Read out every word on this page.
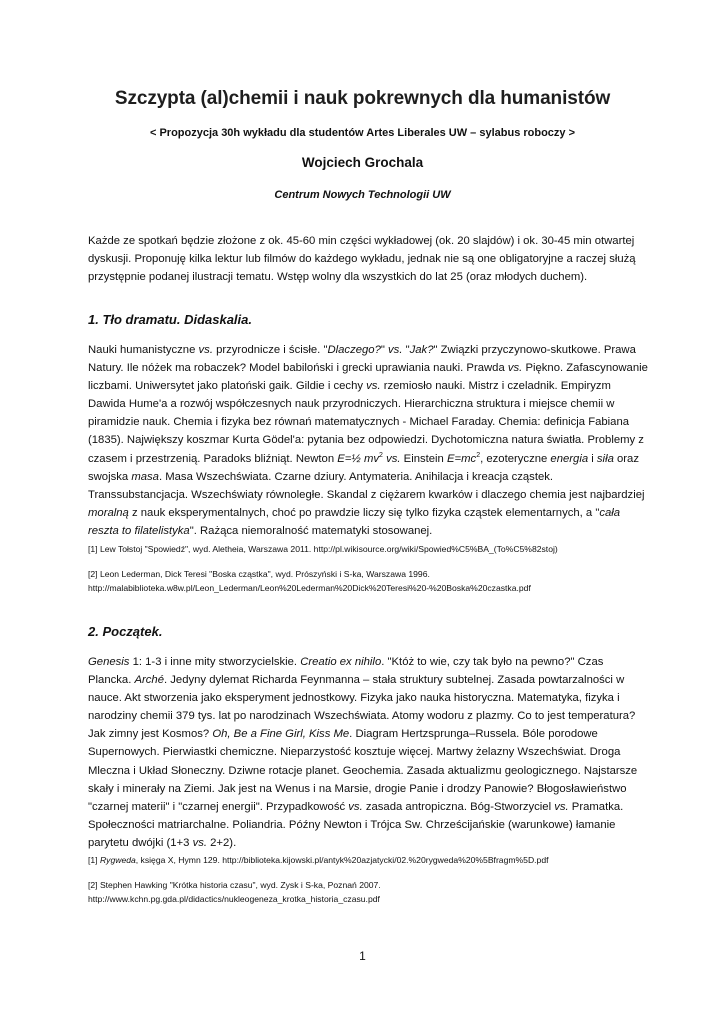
Szczypta (al)chemii i nauk pokrewnych dla humanistów
< Propozycja 30h wykładu dla studentów Artes Liberales UW – sylabus roboczy >
Wojciech Grochala
Centrum Nowych Technologii UW
Każde ze spotkań będzie złożone z ok. 45-60 min części wykładowej (ok. 20 slajdów) i ok. 30-45 min otwartej dyskusji. Proponuję kilka lektur lub filmów do każdego wykładu, jednak nie są one obligatoryjne a raczej służą przystępnie podanej ilustracji tematu. Wstęp wolny dla wszystkich do lat 25 (oraz młodych duchem).
1. Tło dramatu. Didaskalia.
Nauki humanistyczne vs. przyrodnicze i ścisłe. "Dlaczego?" vs. "Jak?" Związki przyczynowo-skutkowe. Prawa Natury. Ile nóżek ma robaczek? Model babiloński i grecki uprawiania nauki. Prawda vs. Piękno. Zafascynowanie liczbami. Uniwersytet jako platoński gaik. Gildie i cechy vs. rzemiosło nauki. Mistrz i czeladnik. Empiryzm Dawida Hume'a a rozwój współczesnych nauk przyrodniczych. Hierarchiczna struktura i miejsce chemii w piramidzie nauk. Chemia i fizyka bez równań matematycznych - Michael Faraday. Chemia: definicja Fabiana (1835). Największy koszmar Kurta Gödel'a: pytania bez odpowiedzi. Dychotomiczna natura światła. Problemy z czasem i przestrzenią. Paradoks bliźniąt. Newton E=½ $mv^2$ vs. Einstein $E=mc^2$, ezoteryczne energia i siła oraz swojska masa. Masa Wszechświata. Czarne dziury. Antymateria. Anihilacja i kreacja cząstek. Transsubstancjacja. Wszechświaty równoległe. Skandal z ciężarem kwarków i dlaczego chemia jest najbardziej moralną z nauk eksperymentalnych, choć po prawdzie liczy się tylko fizyka cząstek elementarnych, a "cała reszta to filatelistyka". Rażąca niemoralność matematyki stosowanej.
[1] Lew Tołstoj "Spowiedź", wyd. Aletheia, Warszawa 2011. http://pl.wikisource.org/wiki/Spowied%C5%BA_(To%C5%82stoj)
[2] Leon Lederman, Dick Teresi "Boska cząstka", wyd. Prószyński i S-ka, Warszawa 1996.
http://malabiblioteka.w8w.pl/Leon_Lederman/Leon%20Lederman%20Dick%20Teresi%20-%20Boska%20czastka.pdf
2. Początek.
Genesis 1: 1-3 i inne mity stworzycielskie. Creatio ex nihilo. "Któż to wie, czy tak było na pewno?" Czas Plancka. Arché. Jedyny dylemat Richarda Feynmanna – stała struktury subtelnej. Zasada powtarzalności w nauce. Akt stworzenia jako eksperyment jednostkowy. Fizyka jako nauka historyczna. Matematyka, fizyka i narodziny chemii 379 tys. lat po narodzinach Wszechświata. Atomy wodoru z plazmy. Co to jest temperatura? Jak zimny jest Kosmos? Oh, Be a Fine Girl, Kiss Me. Diagram Hertzsprunga–Russela. Bóle porodowe Supernowych. Pierwiastki chemiczne. Nieparzystość kosztuje więcej. Martwy żelazny Wszechświat. Droga Mleczna i Układ Słoneczny. Dziwne rotacje planet. Geochemia. Zasada aktualizmu geologicznego. Najstarsze skały i minerały na Ziemi. Jak jest na Wenus i na Marsie, drogie Panie i drodzy Panowie? Błogosławieństwo "czarnej materii" i "czarnej energii". Przypadkowość vs. zasada antropiczna. Bóg-Stworzyciel vs. Pramatka. Społeczności matriarchalne. Poliandria. Późny Newton i Trójca Sw. Chrześcijańskie (warunkowe) łamanie parytetu dwójki (1+3 vs. 2+2).
[1] Rygweda, księga X, Hymn 129. http://biblioteka.kijowski.pl/antyk%20azjatycki/02.%20rygweda%20%5Bfragm%5D.pdf
[2] Stephen Hawking "Krótka historia czasu", wyd. Zysk i S-ka, Poznań 2007.
http://www.kchn.pg.gda.pl/didactics/nukleogeneza_krotka_historia_czasu.pdf
1
